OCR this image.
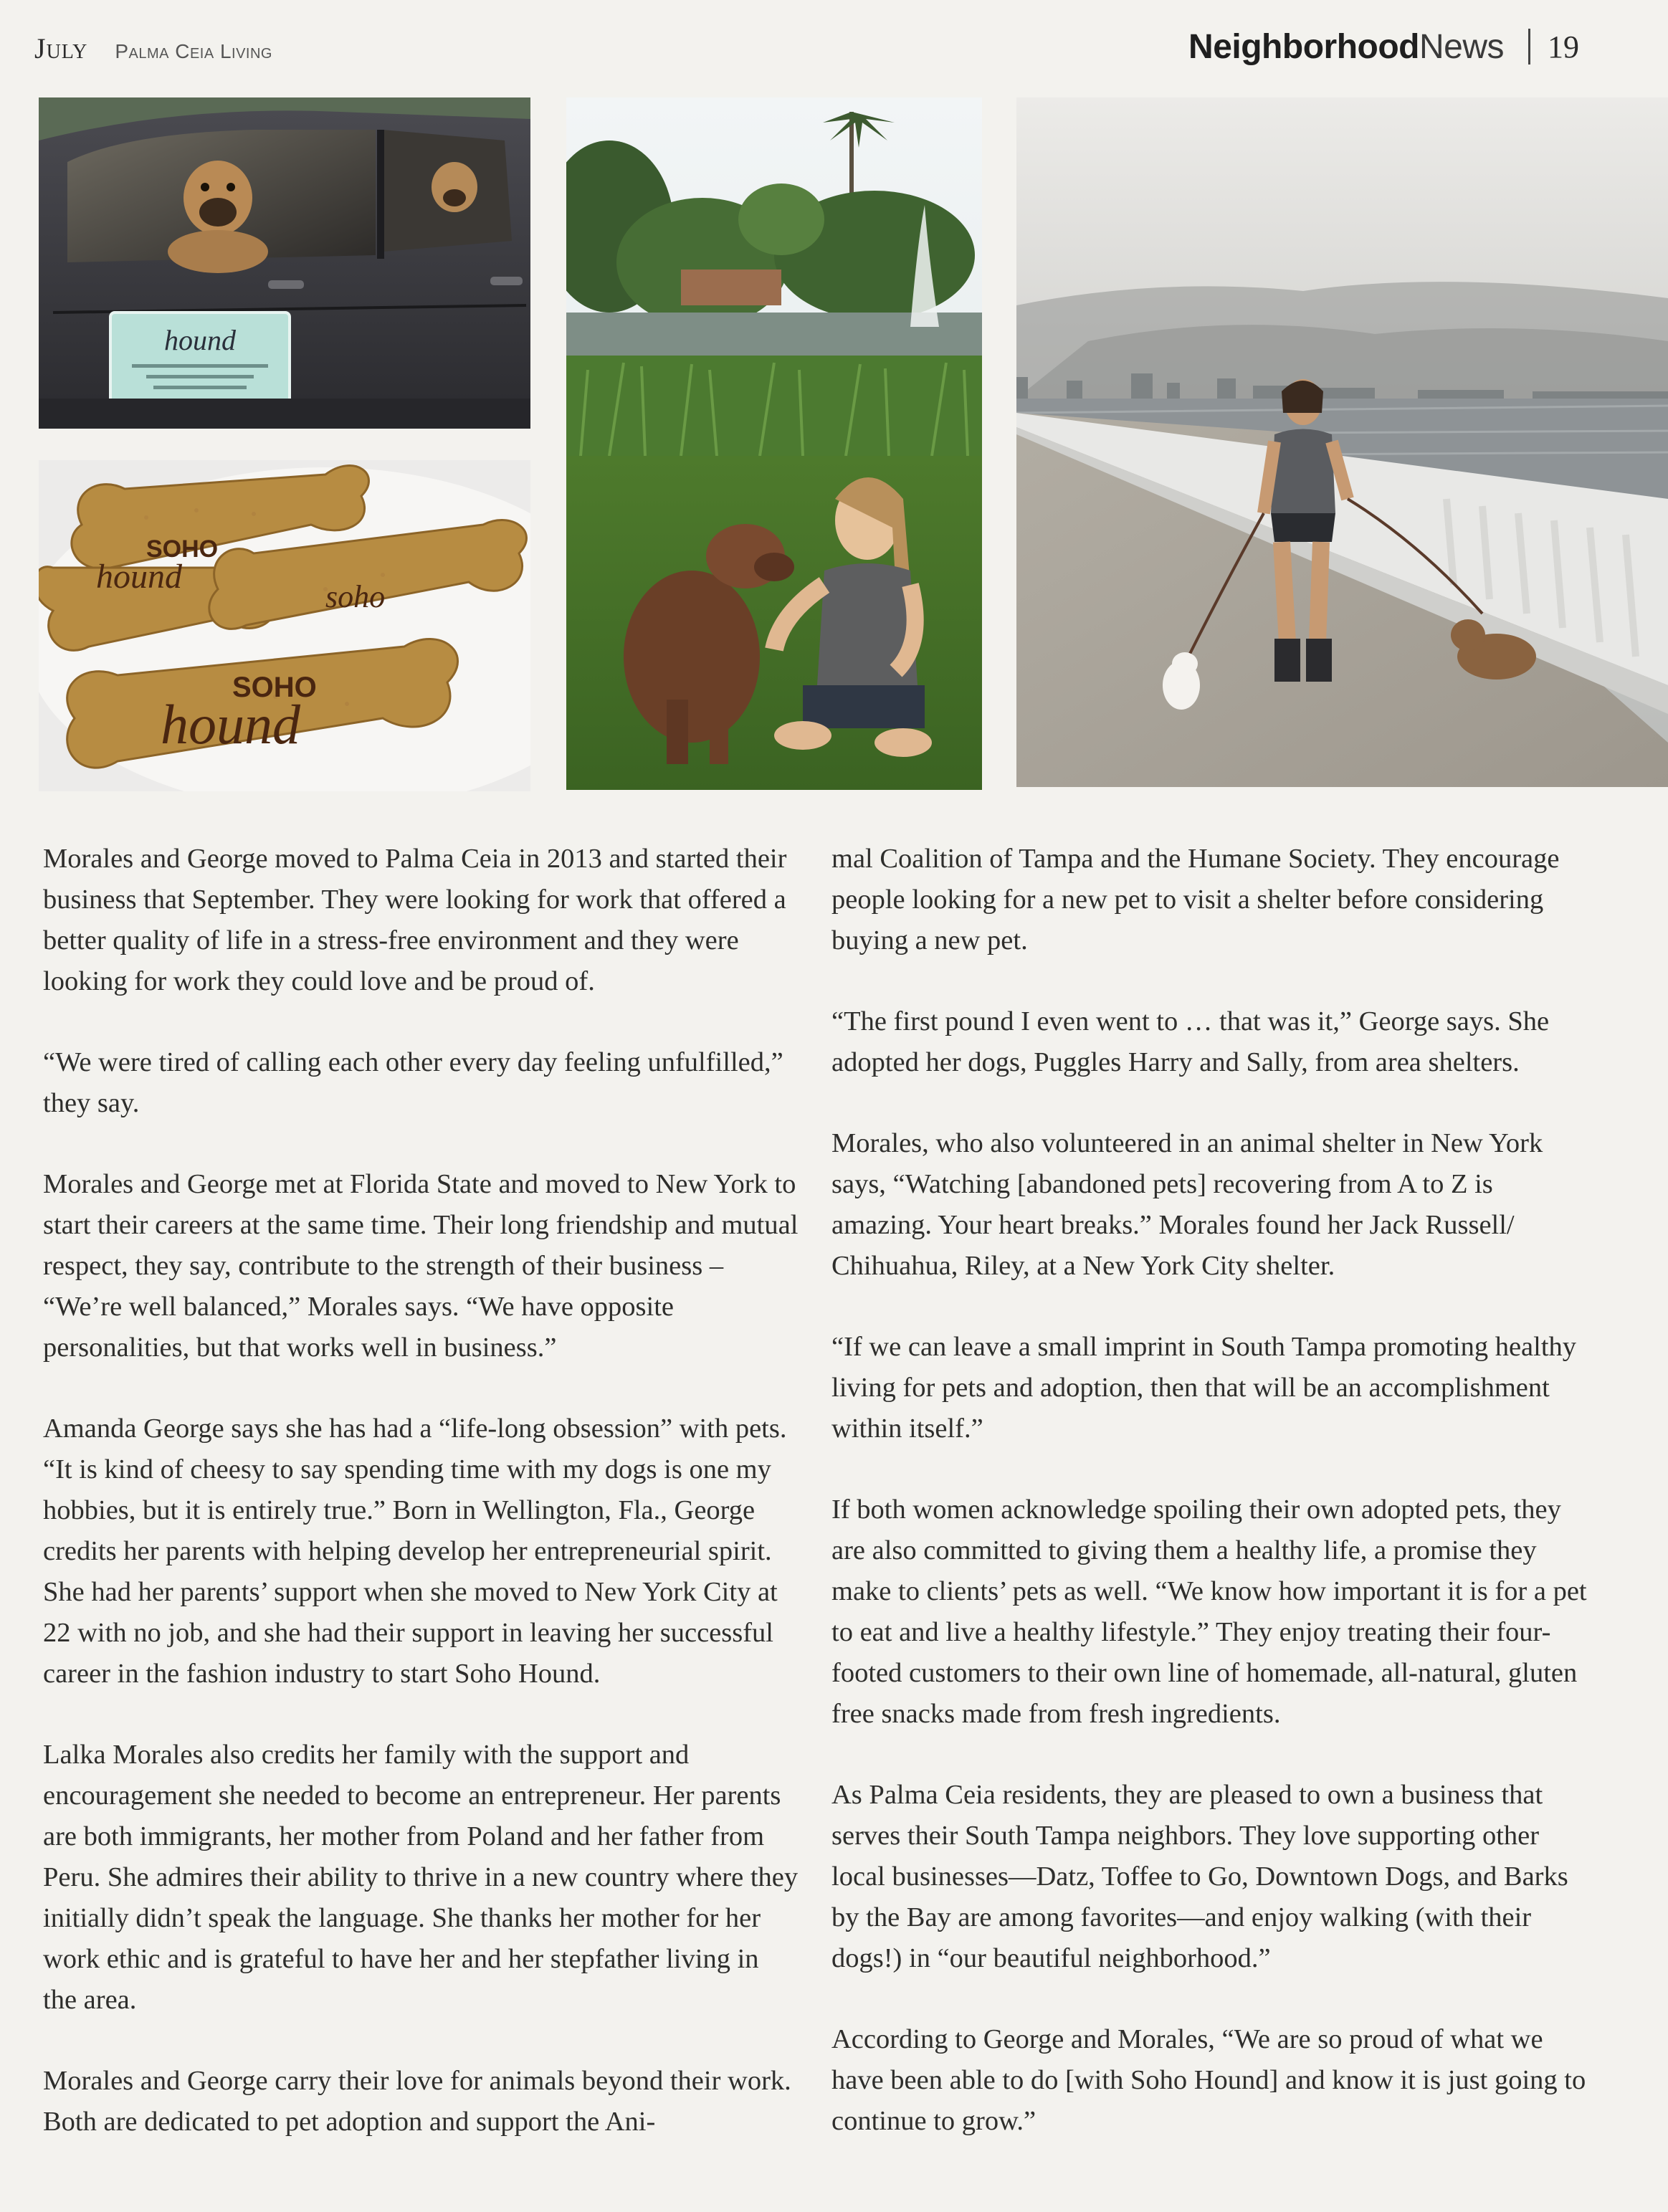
July Palma Ceia Living	Neighborhood News 19
hound
SOHO
hound
soho
SOHO
hound

Morales and George moved to Palma Ceia in 2013 and started their business that September. They were looking for work that offered a better quality of life in a stress-free environment and they were looking for work they could love and be proud of.

“We were tired of calling each other every day feeling unfulfilled,” they say.

Morales and George met at Florida State and moved to New York to start their careers at the same time. Their long friendship and mutual respect, they say, contribute to the strength of their business – “We’re well balanced,” Morales says. “We have opposite personalities, but that works well in business.”

Amanda George says she has had a “life-long obsession” with pets. “It is kind of cheesy to say spending time with my dogs is one my hobbies, but it is entirely true.” Born in Wellington, Fla., George credits her parents with helping develop her entrepreneurial spirit. She had her parents’ support when she moved to New York City at 22 with no job, and she had their support in leaving her successful career in the fashion industry to start Soho Hound.

Lalka Morales also credits her family with the support and encouragement she needed to become an entrepreneur. Her parents are both immigrants, her mother from Poland and her father from Peru. She admires their ability to thrive in a new country where they initially didn’t speak the language. She thanks her mother for her work ethic and is grateful to have her and her stepfather living in the area.

Morales and George carry their love for animals beyond their work. Both are dedicated to pet adoption and support the Ani-

mal Coalition of Tampa and the Humane Society. They encourage people looking for a new pet to visit a shelter before considering buying a new pet.

“The first pound I even went to … that was it,” George says. She adopted her dogs, Puggles Harry and Sally, from area shelters.

Morales, who also volunteered in an animal shelter in New York says, “Watching [abandoned pets] recovering from A to Z is amazing. Your heart breaks.” Morales found her Jack Russell/ Chihuahua, Riley, at a New York City shelter.

“If we can leave a small imprint in South Tampa promoting healthy living for pets and adoption, then that will be an accomplishment within itself.”

If both women acknowledge spoiling their own adopted pets, they are also committed to giving them a healthy life, a promise they make to clients’ pets as well. “We know how important it is for a pet to eat and live a healthy lifestyle.” They enjoy treating their four-footed customers to their own line of homemade, all-natural, gluten free snacks made from fresh ingredients.

As Palma Ceia residents, they are pleased to own a business that serves their South Tampa neighbors. They love supporting other local businesses—Datz, Toffee to Go, Downtown Dogs, and Barks by the Bay are among favorites—and enjoy walking (with their dogs!) in “our beautiful neighborhood.”

According to George and Morales, “We are so proud of what we have been able to do [with Soho Hound] and know it is just going to continue to grow.”
